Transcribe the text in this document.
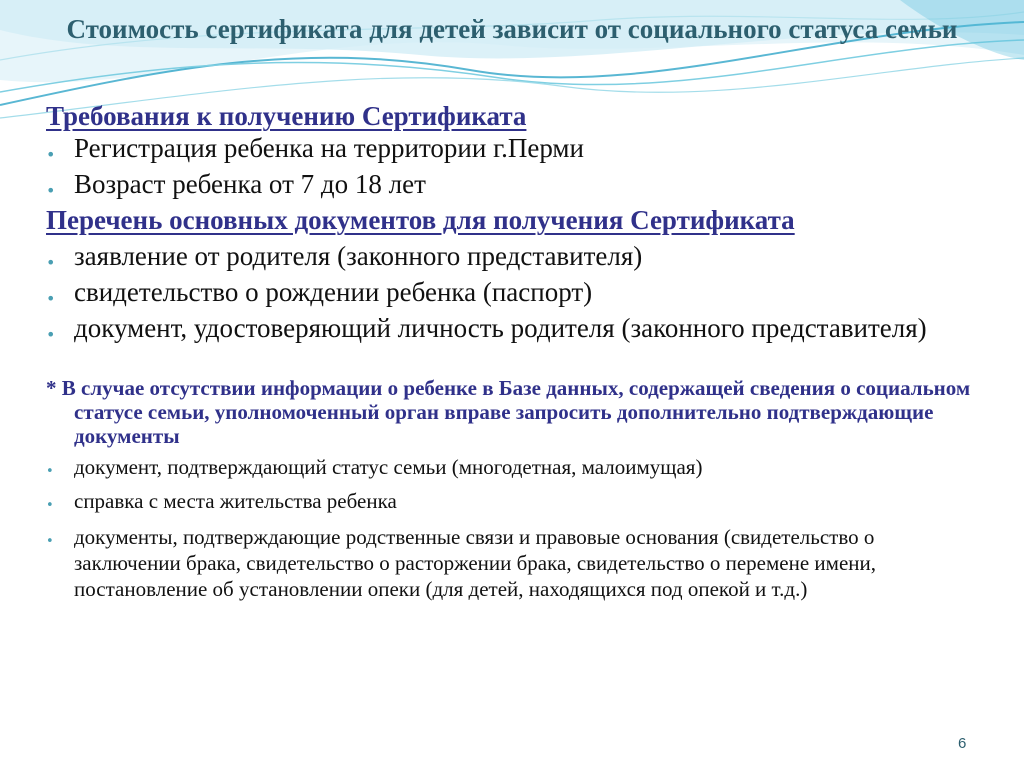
Стоимость сертификата для детей зависит от социального статуса семьи
Требования к получению Сертификата
• Регистрация ребенка на территории г.Перми
• Возраст ребенка от 7 до 18 лет
Перечень основных документов для получения Сертификата
• заявление от родителя (законного представителя)
• свидетельство о рождении ребенка (паспорт)
• документ, удостоверяющий личность родителя (законного представителя)
* В случае отсутствии информации о ребенке в Базе данных, содержащей сведения о социальном статусе семьи, уполномоченный орган вправе запросить дополнительно подтверждающие документы
• документ, подтверждающий статус семьи (многодетная, малоимущая)
• справка с места жительства ребенка
• документы, подтверждающие родственные связи и правовые основания (свидетельство о заключении брака, свидетельство о расторжении брака, свидетельство о перемене имени, постановление об установлении опеки (для детей, находящихся под опекой и т.д.)
6
